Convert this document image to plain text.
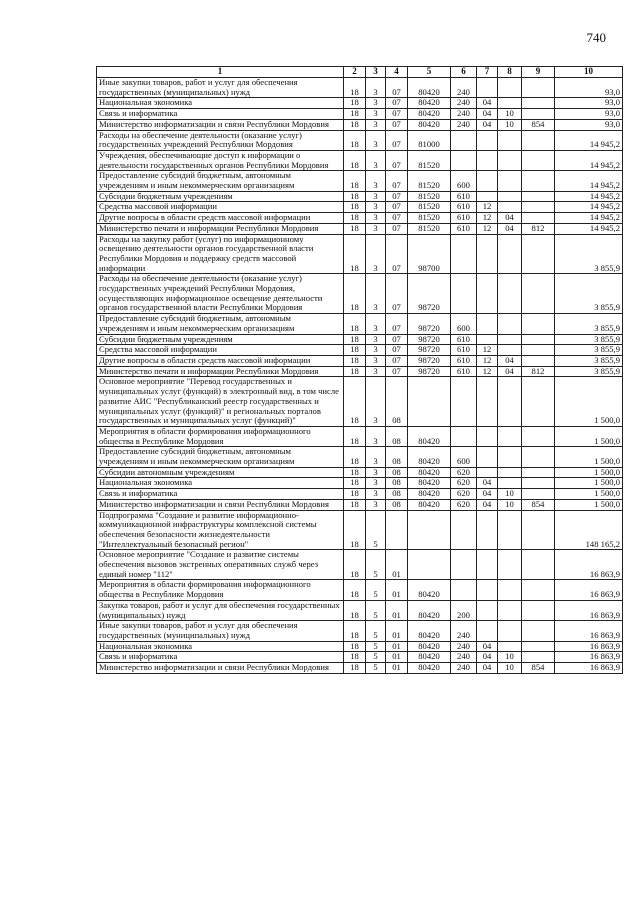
740
1	2	3	4	5	6	7	8	9	10
Иные закупки товаров, работ и услуг для обеспечения государственных (муниципальных) нужд	18	3	07	80420	240				93,0
Национальная экономика	18	3	07	80420	240	04			93,0
Связь и информатика	18	3	07	80420	240	04	10		93,0
Министерство информатизации и связи Республики Мордовия	18	3	07	80420	240	04	10	854	93,0
Расходы на обеспечение деятельности (оказание услуг) государственных учреждений Республики Мордовия	18	3	07	81000					14 945,2
Учреждения, обеспечивающие доступ к информации о деятельности государственных органов Республики Мордовия	18	3	07	81520					14 945,2
Предоставление субсидий бюджетным, автономным учреждениям и иным некоммерческим организациям	18	3	07	81520	600				14 945,2
Субсидии бюджетным учреждениям	18	3	07	81520	610				14 945,2
Средства массовой информации	18	3	07	81520	610	12			14 945,2
Другие вопросы в области средств массовой информации	18	3	07	81520	610	12	04		14 945,2
Министерство печати и информации Республики Мордовия	18	3	07	81520	610	12	04	812	14 945,2
Расходы на закупку работ (услуг) по информационному освещению деятельности органов государственной власти Республики Мордовия и поддержку средств массовой информации	18	3	07	98700					3 855,9
Расходы на обеспечение деятельности (оказание услуг) государственных учреждений Республики Мордовия, осуществляющих информационное освещение деятельности органов государственной власти Республики Мордовия	18	3	07	98720					3 855,9
Предоставление субсидий бюджетным, автономным учреждениям и иным некоммерческим организациям	18	3	07	98720	600				3 855,9
Субсидии бюджетным учреждениям	18	3	07	98720	610				3 855,9
Средства массовой информации	18	3	07	98720	610	12			3 855,9
Другие вопросы в области средств массовой информации	18	3	07	98720	610	12	04		3 855,9
Министерство печати и информации Республики Мордовия	18	3	07	98720	610	12	04	812	3 855,9
Основное мероприятие "Перевод государственных и муниципальных услуг (функций) в электронный вид, в том числе развитие АИС "Республиканский реестр государственных и муниципальных услуг (функций)" и региональных порталов государственных и муниципальных услуг (функций)"	18	3	08						1 500,0
Мероприятия в области формирования информационного общества в Республике Мордовия	18	3	08	80420					1 500,0
Предоставление субсидий бюджетным, автономным учреждениям и иным некоммерческим организациям	18	3	08	80420	600				1 500,0
Субсидии автономным учреждениям	18	3	08	80420	620				1 500,0
Национальная экономика	18	3	08	80420	620	04			1 500,0
Связь и информатика	18	3	08	80420	620	04	10		1 500,0
Министерство информатизации и связи Республики Мордовия	18	3	08	80420	620	04	10	854	1 500,0
Подпрограмма "Создание и развитие информационно-коммуникационной инфраструктуры комплексной системы обеспечения безопасности жизнедеятельности "Интеллектуальный безопасный регион"	18	5							148 165,2
Основное мероприятие "Создание и развитие системы обеспечения вызовов экстренных оперативных служб через единый номер "112"	18	5	01						16 863,9
Мероприятия в области формирования информационного общества в Республике Мордовия	18	5	01	80420					16 863,9
Закупка товаров, работ и услуг для обеспечения государственных (муниципальных) нужд	18	5	01	80420	200				16 863,9
Иные закупки товаров, работ и услуг для обеспечения государственных (муниципальных) нужд	18	5	01	80420	240				16 863,9
Национальная экономика	18	5	01	80420	240	04			16 863,9
Связь и информатика	18	5	01	80420	240	04	10		16 863,9
Министерство информатизации и связи Республики Мордовия	18	5	01	80420	240	04	10	854	16 863,9
